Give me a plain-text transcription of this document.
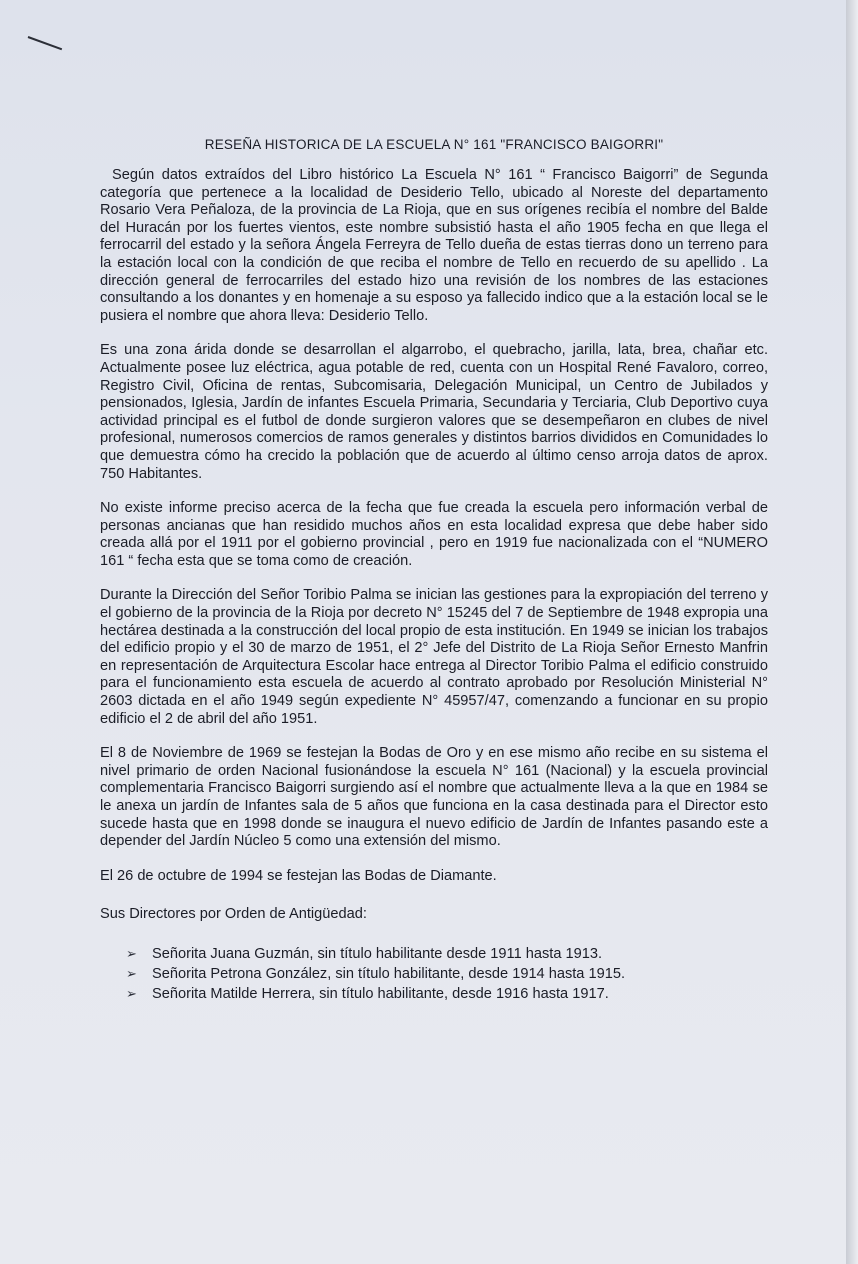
RESEÑA HISTORICA DE LA ESCUELA N° 161 "FRANCISCO BAIGORRI"

Según datos extraídos del Libro histórico La Escuela N° 161 “ Francisco Baigorri” de Segunda categoría que pertenece a la localidad de Desiderio Tello, ubicado al Noreste del departamento Rosario Vera Peñaloza, de la provincia de La Rioja, que en sus orígenes recibía el nombre del Balde del Huracán por los fuertes vientos, este nombre subsistió hasta el año 1905 fecha en que llega el ferrocarril del estado y la señora Ángela Ferreyra de Tello dueña de estas tierras dono un terreno para la estación local con la condición de que reciba el nombre de Tello en recuerdo de su apellido . La dirección general de ferrocarriles del estado hizo una revisión de los nombres de las estaciones consultando a los donantes y en homenaje a su esposo ya fallecido indico que a la estación local se le pusiera el nombre que ahora lleva: Desiderio Tello.

Es una zona árida donde se desarrollan el algarrobo, el quebracho, jarilla, lata, brea, chañar etc. Actualmente posee luz eléctrica, agua potable de red, cuenta con un Hospital René Favaloro, correo, Registro Civil, Oficina de rentas, Subcomisaria, Delegación Municipal, un Centro de Jubilados y pensionados, Iglesia, Jardín de infantes Escuela Primaria, Secundaria y Terciaria, Club Deportivo cuya actividad principal es el futbol de donde surgieron valores que se desempeñaron en clubes de nivel profesional, numerosos comercios de ramos generales y distintos barrios divididos en Comunidades lo que demuestra cómo ha crecido la población que de acuerdo al último censo arroja datos de aprox. 750 Habitantes.

No existe informe preciso acerca de la fecha que fue creada la escuela pero información verbal de personas ancianas que han residido muchos años en esta localidad expresa que debe haber sido creada allá por el 1911 por el gobierno provincial , pero en 1919 fue nacionalizada con el “NUMERO 161 “ fecha esta que se toma como de creación.

Durante la Dirección del Señor Toribio Palma se inician las gestiones para la expropiación del terreno y el gobierno de la provincia de la Rioja por decreto N° 15245 del 7 de Septiembre de 1948 expropia una hectárea destinada a la construcción del local propio de esta institución. En 1949 se inician los trabajos del edificio propio y el 30 de marzo de 1951, el 2° Jefe del Distrito de La Rioja Señor Ernesto Manfrin en representación de Arquitectura Escolar hace entrega al Director Toribio Palma el edificio construido para el funcionamiento esta escuela de acuerdo al contrato aprobado por Resolución Ministerial N° 2603 dictada en el año 1949 según expediente N° 45957/47, comenzando a funcionar en su propio edificio el 2 de abril del año 1951.

El 8 de Noviembre de 1969 se festejan la Bodas de Oro y en ese mismo año recibe en su sistema el nivel primario de orden Nacional fusionándose la escuela N° 161 (Nacional) y la escuela provincial complementaria Francisco Baigorri surgiendo así el nombre que actualmente lleva a la que en 1984 se le anexa un jardín de Infantes sala de 5 años que funciona en la casa destinada para el Director esto sucede hasta que en 1998 donde se inaugura el nuevo edificio de Jardín de Infantes pasando este a depender del Jardín Núcleo 5 como una extensión del mismo.

El 26 de octubre de 1994 se festejan las Bodas de Diamante.
Sus Directores por Orden de Antigüedad:
➢	Señorita Juana Guzmán, sin título habilitante desde 1911 hasta 1913.
➢	Señorita Petrona González, sin título habilitante, desde 1914 hasta 1915.
➢	Señorita Matilde Herrera, sin título habilitante, desde 1916 hasta 1917.
